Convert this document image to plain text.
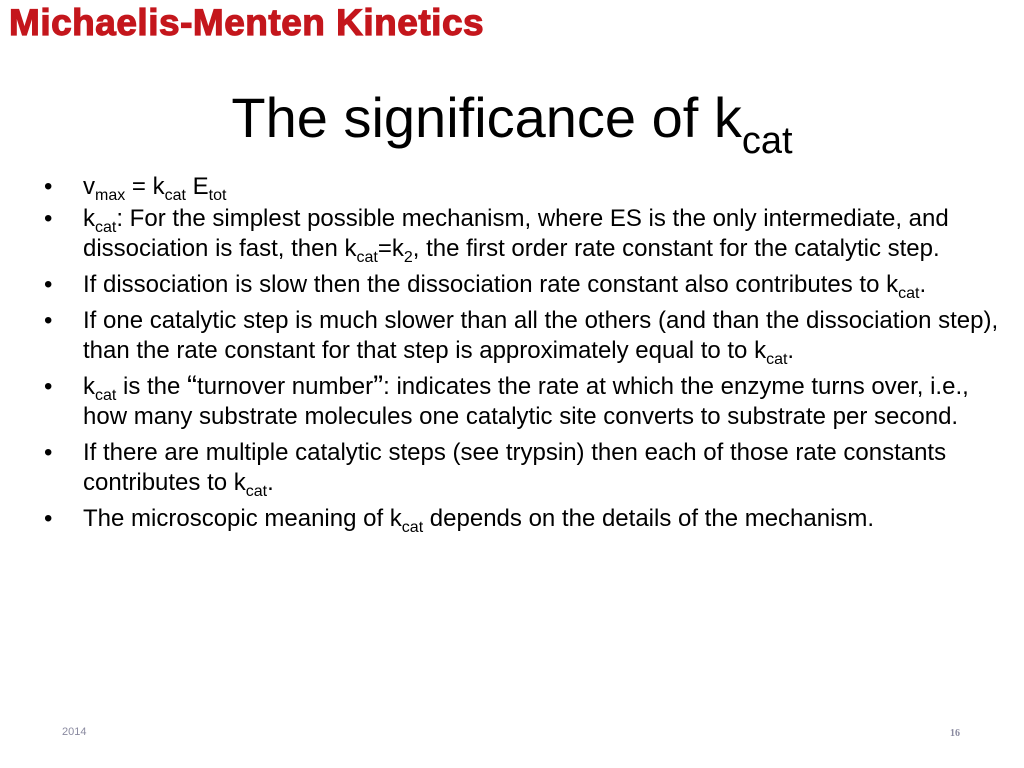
Michaelis-Menten Kinetics
The significance of $k_{cat}$
• $v_{max} = k_{cat}$ $E_{tot}$
• $k_{cat}$: For the simplest possible mechanism, where ES is the only intermediate, and dissociation is fast, then $k_{cat}=k_2$, the first order rate constant for the catalytic step.
• If dissociation is slow then the dissociation rate constant also contributes to $k_{cat}$.
• If one catalytic step is much slower than all the others (and than the dissociation step), than the rate constant for that step is approximately equal to to $k_{cat}$.
• $k_{cat}$ is the “turnover number”: indicates the rate at which the enzyme turns over, i.e., how many substrate molecules one catalytic site converts to substrate per second.
• If there are multiple catalytic steps (see trypsin) then each of those rate constants contributes to $k_{cat}$.
• The microscopic meaning of $k_{cat}$ depends on the details of the mechanism.
2014	16
